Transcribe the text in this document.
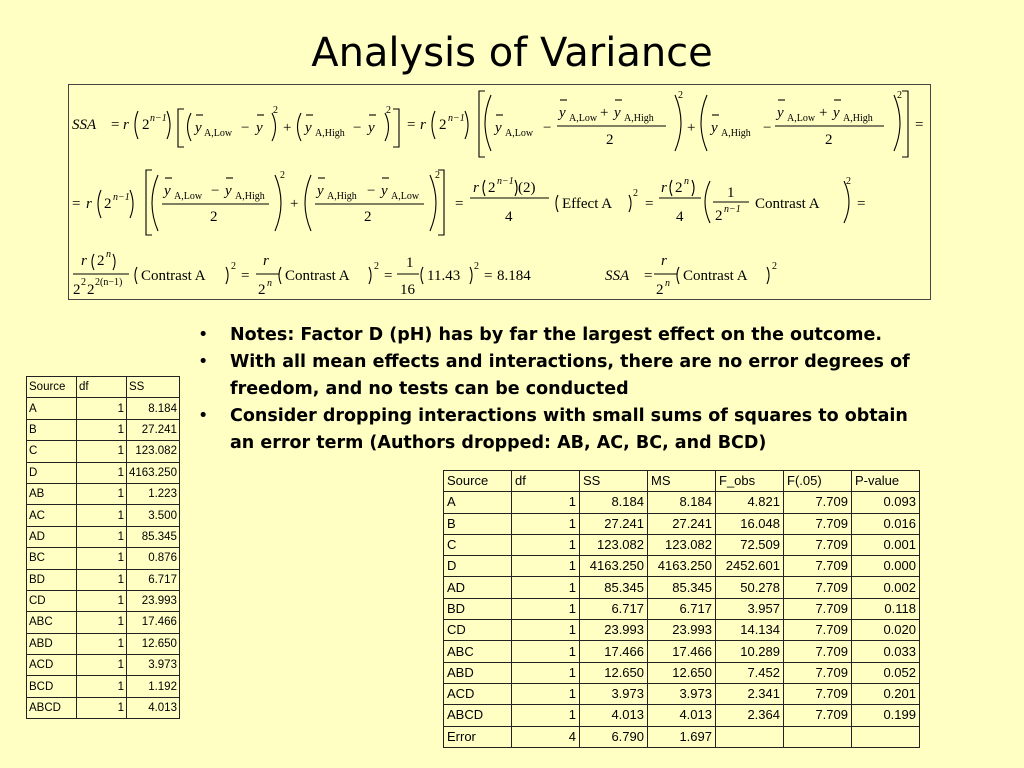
Analysis of Variance
SSA = r 2 n−1
y A,Low − y
2
+ y A,High − y
2
= r 2 n−1
y A,Low −
y A,Low + y A,High
2
2
+ y A,High −
y A,Low + y A,High
2
2
=
= r 2 n−1 y A,Low − y A,High
2
2
+
y A,High − y A,Low
2
2
=
r 2 n−1 (2)
4
Effect A
2
=
r 2 n
4
1
2 n−1 Contrast A
2
=
r 2 n
2 2 2 2(n−1) Contrast A
2
=
r
2 n Contrast A
2
=
1
16
11.43
2
= 8.184	SSA =
r
2 n Contrast A
2
• Notes: Factor D (pH) has by far the largest effect on the outcome.
• With all mean effects and interactions, there are no error degrees of freedom, and no tests can be conducted
• Consider dropping interactions with small sums of squares to obtain an error term (Authors dropped: AB, AC, BC, and BCD)
Source	df	SS
A	1	8.184
B	1	27.241
C	1	123.082
D	1	4163.250
AB	1	1.223
AC	1	3.500
AD	1	85.345
BC	1	0.876
BD	1	6.717
CD	1	23.993
ABC	1	17.466
ABD	1	12.650
ACD	1	3.973
BCD	1	1.192
ABCD	1	4.013
Source	df	SS	MS	F_obs	F(.05)	P-value
A	1	8.184	8.184	4.821	7.709	0.093
B	1	27.241	27.241	16.048	7.709	0.016
C	1	123.082	123.082	72.509	7.709	0.001
D	1	4163.250	4163.250	2452.601	7.709	0.000
AD	1	85.345	85.345	50.278	7.709	0.002
BD	1	6.717	6.717	3.957	7.709	0.118
CD	1	23.993	23.993	14.134	7.709	0.020
ABC	1	17.466	17.466	10.289	7.709	0.033
ABD	1	12.650	12.650	7.452	7.709	0.052
ACD	1	3.973	3.973	2.341	7.709	0.201
ABCD	1	4.013	4.013	2.364	7.709	0.199
Error	4	6.790	1.697			
